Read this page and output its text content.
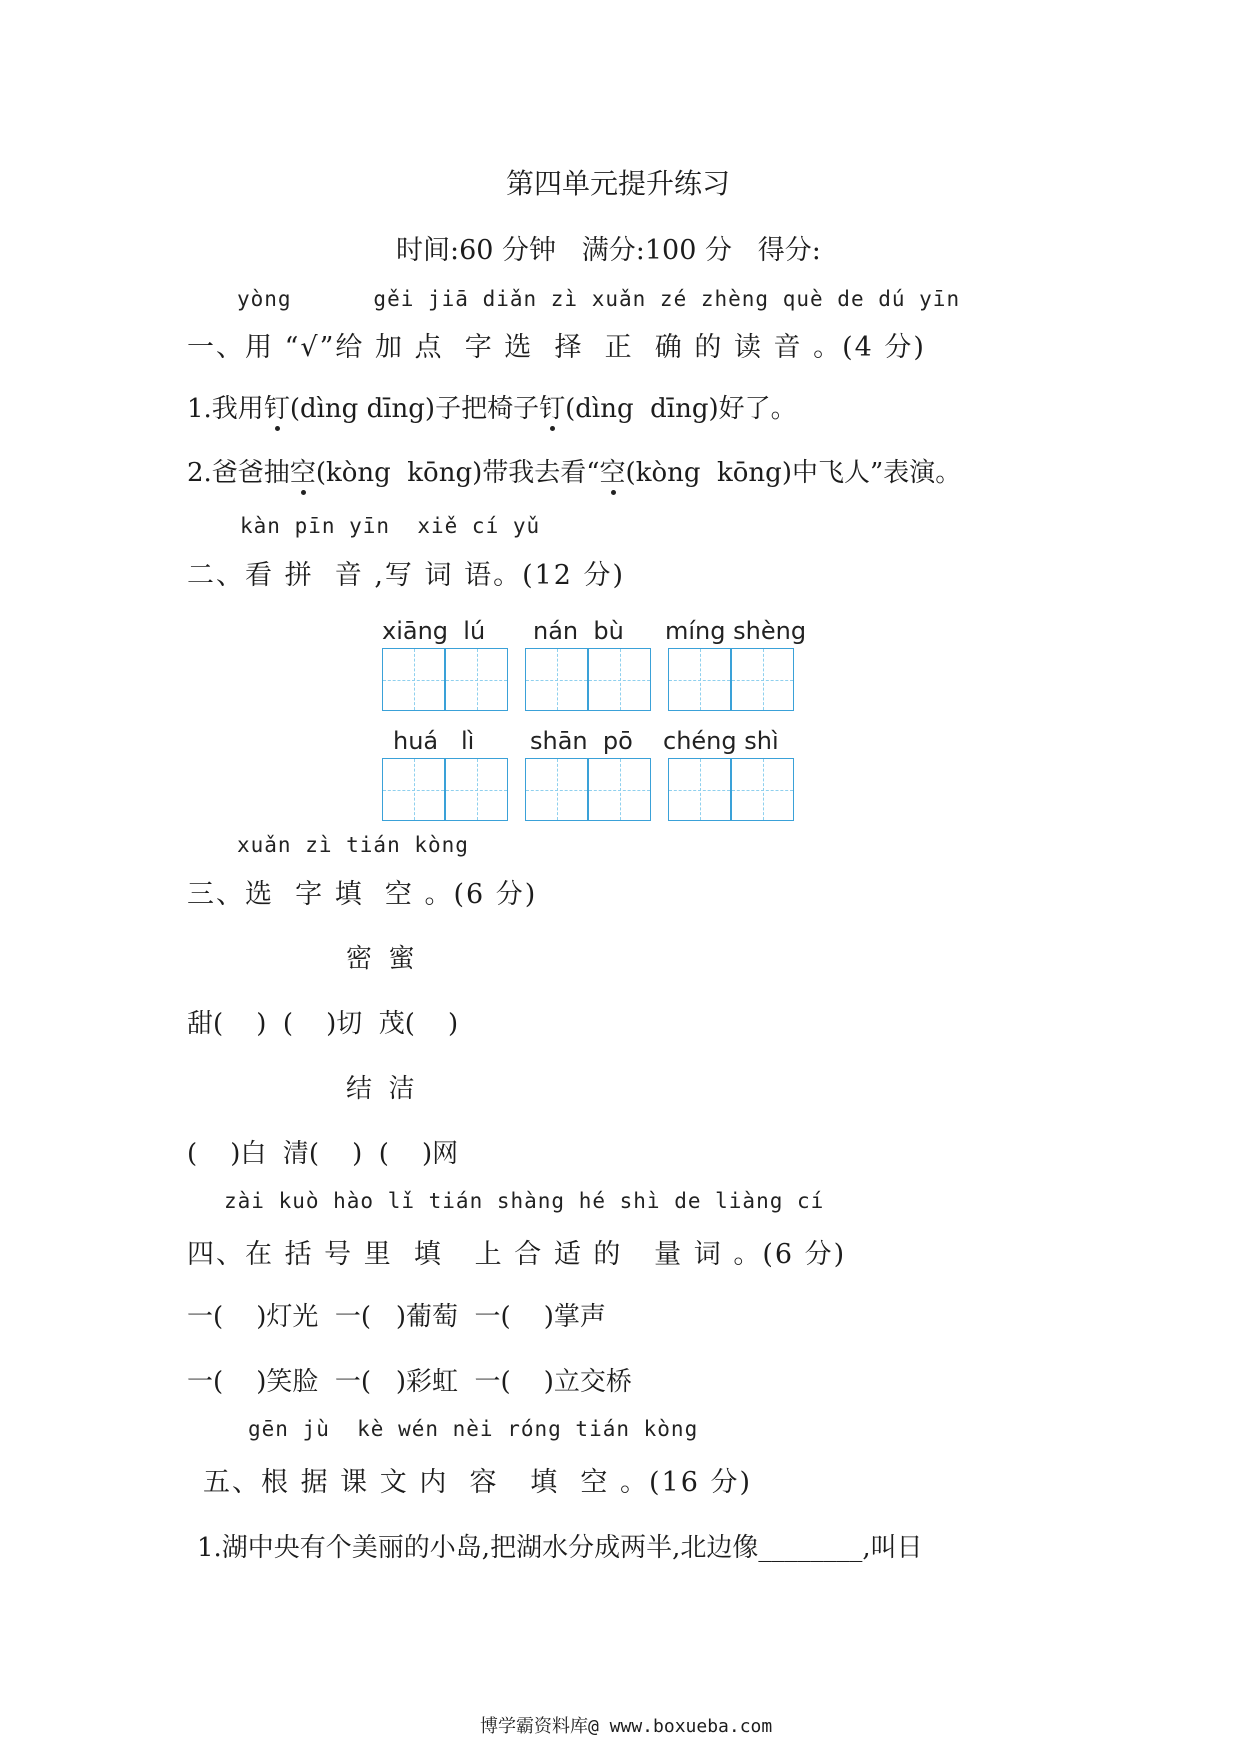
第四单元提升练习
时间:60 分钟   满分:100 分   得分:
yòng      gěi jiā diǎn zì xuǎn zé zhèng què de dú yīn
一、用 “√”给 加 点  字 选  择  正  确 的 读 音 。(4 分)
1.我用钉(dìng dīng)子把椅子钉(dìng  dīng)好了。
2.爸爸抽空(kòng  kōng)带我去看“空(kòng  kōng)中飞人”表演。
kàn pīn yīn  xiě cí yǔ
二、看 拼  音 ,写 词 语。(12 分)
xiāng  lú nán  bù míng shèng
huá   lì shān  pō chéng shì
xuǎn zì tián kòng
三、选  字 填  空 。(6 分)
密  蜜
甜(    )  (    )切  茂(    )
结  洁
(    )白  清(    )  (    )网
zài kuò hào lǐ tián shàng hé shì de liàng cí
四、在 括 号 里  填   上 合 适 的   量 词 。(6 分)
一(    )灯光  一(   )葡萄  一(    )掌声
一(    )笑脸  一(   )彩虹  一(    )立交桥
gēn jù  kè wén nèi róng tián kòng
五、根 据 课 文 内  容   填  空 。(16 分)
1.湖中央有个美丽的小岛,把湖水分成两半,北边像________,叫日
博学霸资料库@ www.boxueba.com
